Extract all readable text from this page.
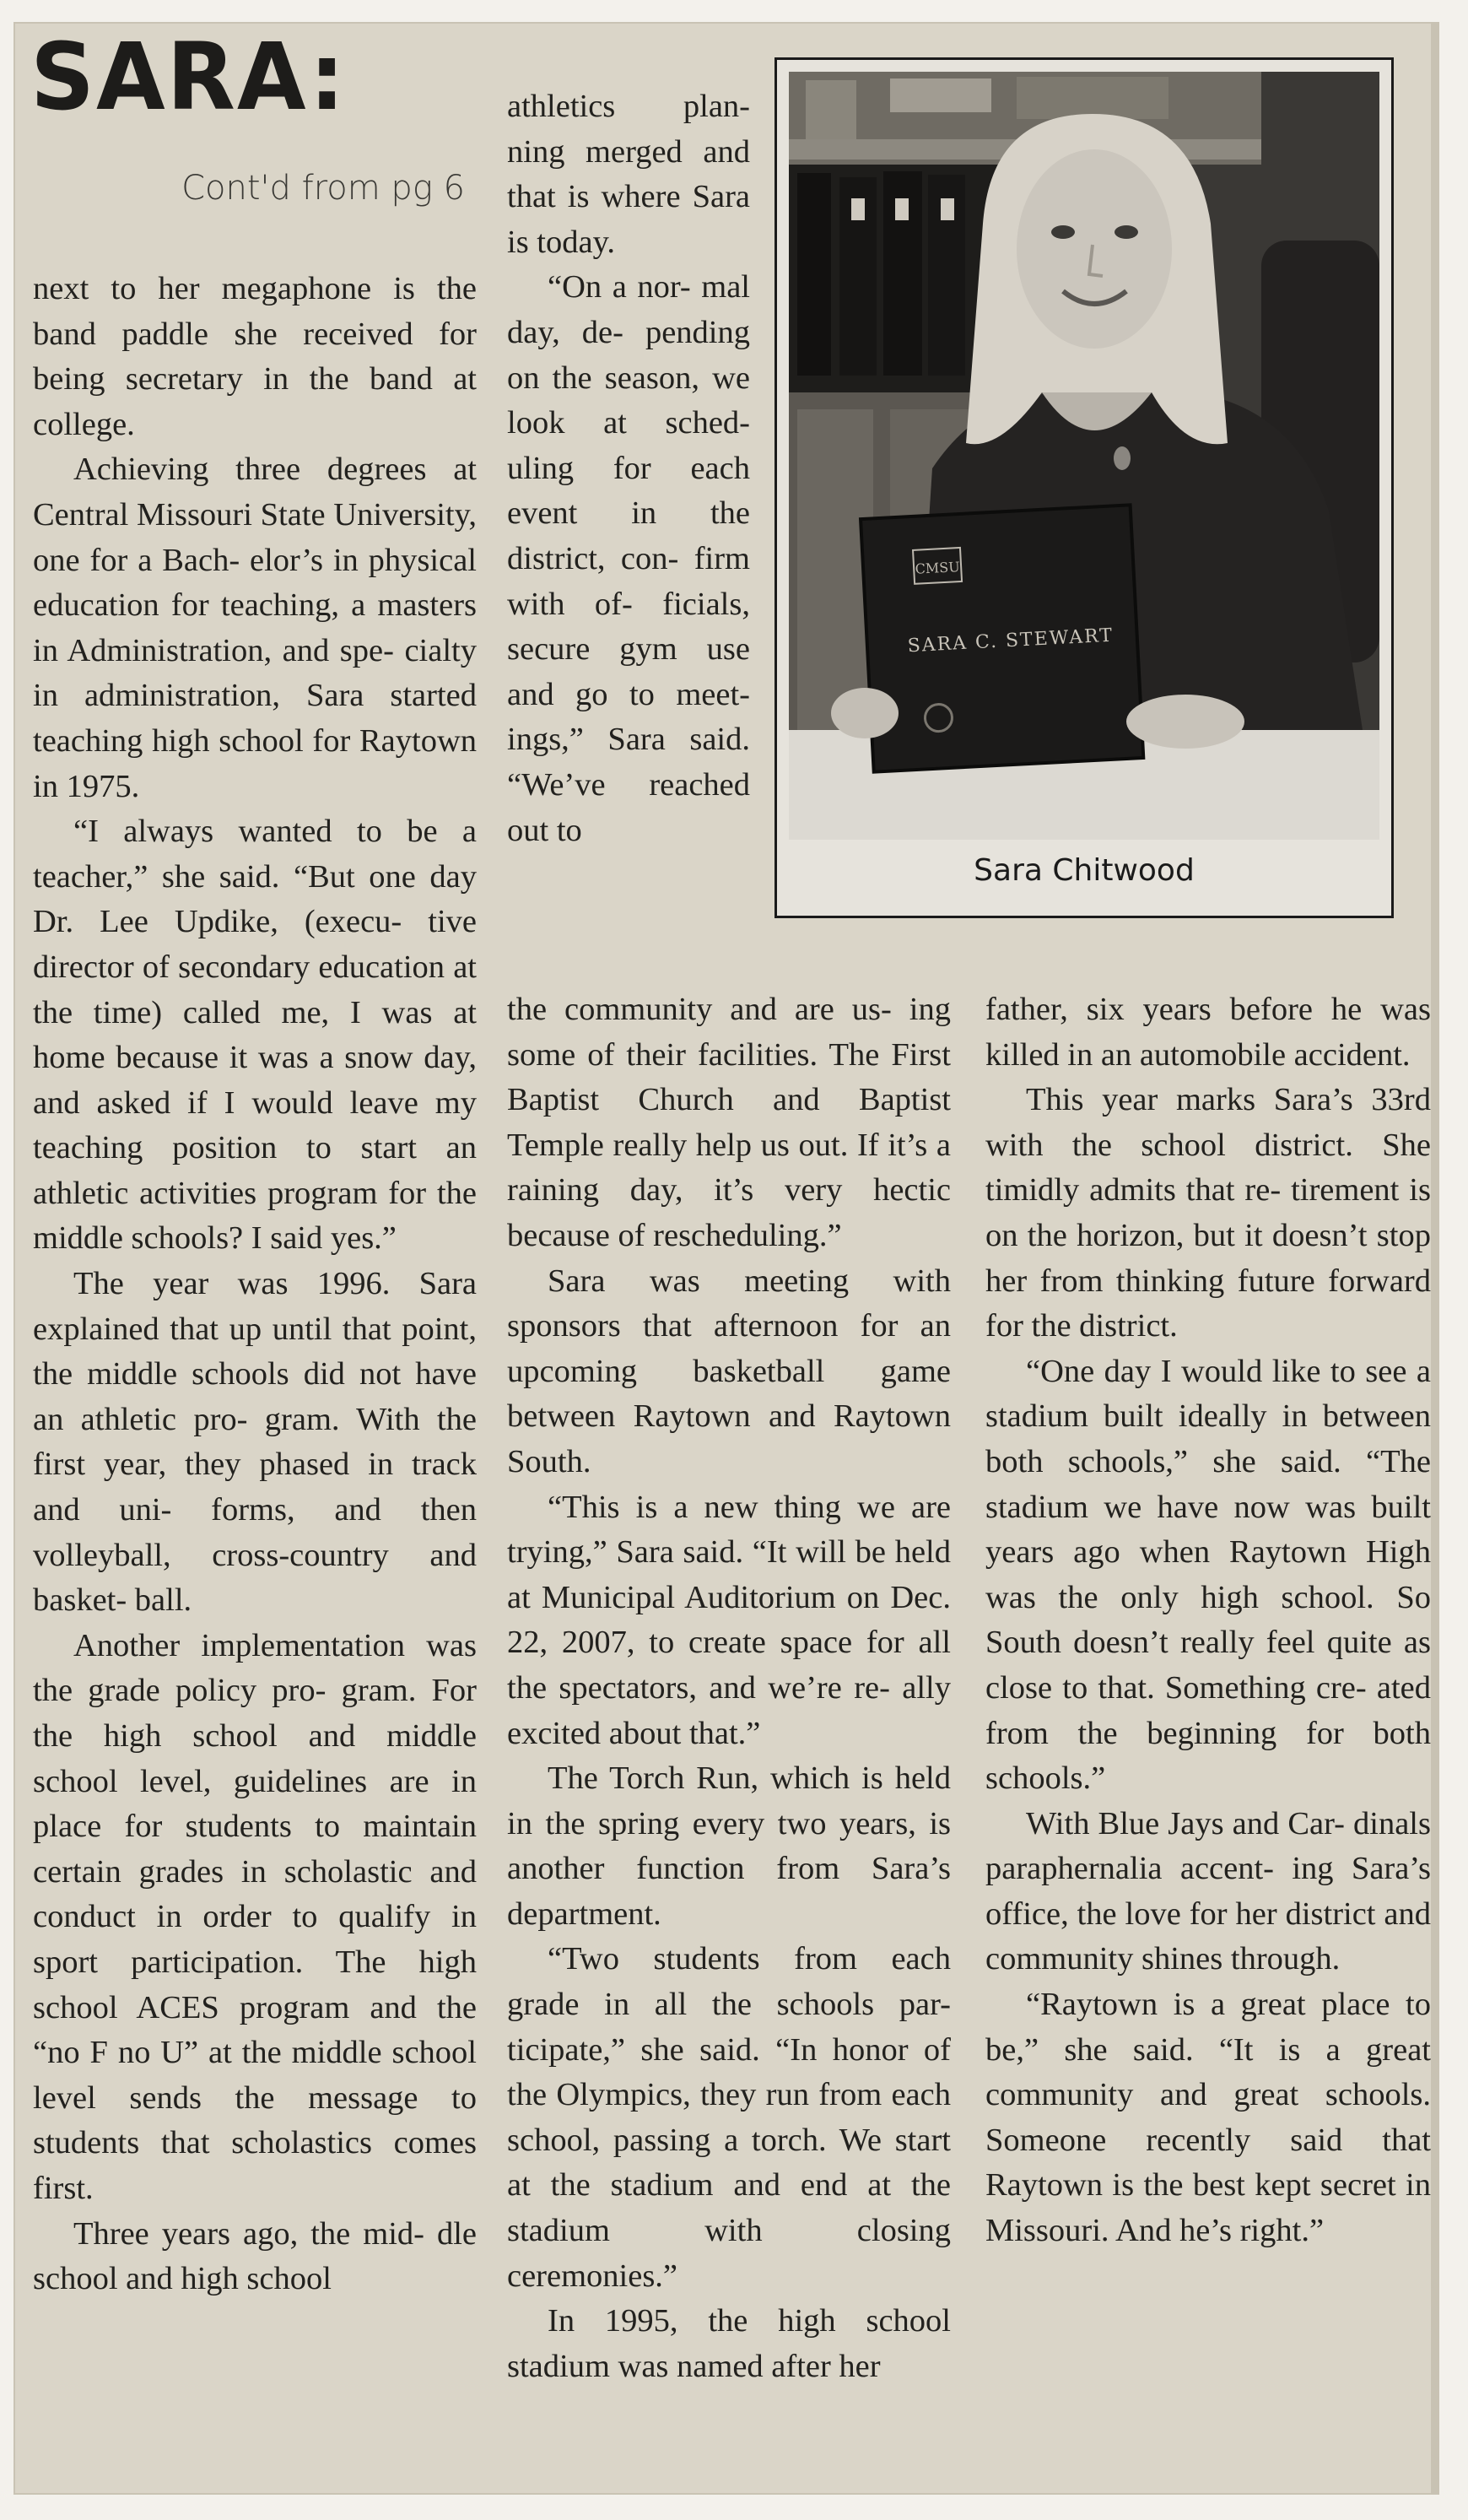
SARA:
Cont'd from pg 6

next to her megaphone is the band paddle she received for being secretary in the band at college.

Achieving three degrees at Central Missouri State University, one for a Bach- elor’s in physical education for teaching, a masters in Administration, and spe- cialty in administration, Sara started teaching high school for Raytown in 1975.

“I always wanted to be a teacher,” she said. “But one day Dr. Lee Updike, (execu- tive director of secondary education at the time) called me, I was at home because it was a snow day, and asked if I would leave my teaching position to start an athletic activities program for the middle schools? I said yes.”

The year was 1996. Sara explained that up until that point, the middle schools did not have an athletic pro- gram. With the first year, they phased in track and uni- forms, and then volleyball, cross-country and basket- ball.

Another implementation was the grade policy pro- gram. For the high school and middle school level, guidelines are in place for students to maintain certain grades in scholastic and conduct in order to qualify in sport participation. The high school ACES program and the “no F no U” at the middle school level sends the message to students that scholastics comes first.

Three years ago, the mid- dle school and high school

athletics plan- ning merged and that is where Sara is today.

“On a nor- mal day, de- pending on the season, we look at sched- uling for each event in the district, con- firm with of- ficials, secure gym use and go to meet- ings,” Sara said. “We’ve reached out to

the community and are us- ing some of their facilities. The First Baptist Church and Baptist Temple really help us out. If it’s a raining day, it’s very hectic because of rescheduling.”

Sara was meeting with sponsors that afternoon for an upcoming basketball game between Raytown and Raytown South.

“This is a new thing we are trying,” Sara said. “It will be held at Municipal Auditorium on Dec. 22, 2007, to create space for all the spectators, and we’re re- ally excited about that.”

The Torch Run, which is held in the spring every two years, is another function from Sara’s department.

“Two students from each grade in all the schools par- ticipate,” she said. “In honor of the Olympics, they run from each school, passing a torch. We start at the stadium and end at the stadium with closing ceremonies.”

In 1995, the high school stadium was named after her

father, six years before he was killed in an automobile accident.

This year marks Sara’s 33rd with the school district. She timidly admits that re- tirement is on the horizon, but it doesn’t stop her from thinking future forward for the district.

“One day I would like to see a stadium built ideally in between both schools,” she said. “The stadium we have now was built years ago when Raytown High was the only high school. So South doesn’t really feel quite as close to that. Something cre- ated from the beginning for both schools.”

With Blue Jays and Car- dinals paraphernalia accent- ing Sara’s office, the love for her district and community shines through.

“Raytown is a great place to be,” she said. “It is a great community and great schools. Someone recently said that Raytown is the best kept secret in Missouri. And he’s right.”

CMSU
SARA C. STEWART
Sara Chitwood
